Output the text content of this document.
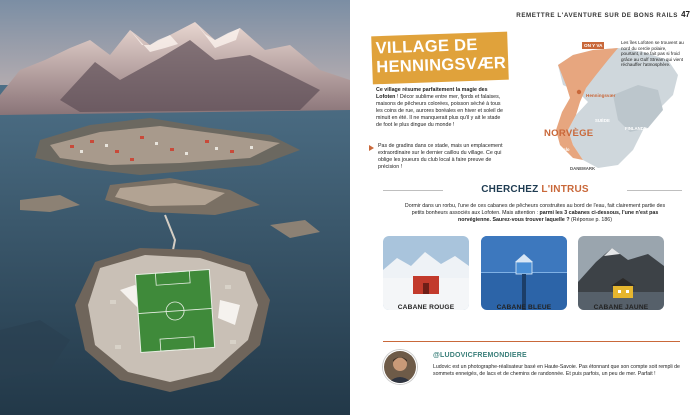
REMETTRE L'AVENTURE SUR DE BONS RAILS 47
VILLAGE DE
HENNINGSVÆR
Ce village résume parfaitement la magie des Lofoten ! Décor sublime entre mer, fjords et falaises, maisons de pêcheurs colorées, poisson séché à tous les coins de rue, aurores boréales en hiver et soleil de minuit en été. Il ne manquerait plus qu'il y ait le stade de foot le plus dingue du monde !
Pas de gradins dans ce stade, mais un emplacement extraordinaire sur le dernier caillou du village. Ce qui oblige les joueurs du club local à faire preuve de précision !
ON Y VA
Les îles Lofoten se trouvent au nord du cercle polaire, pourtant, il ne fait pas si froid grâce au Gulf Stream qui vient réchauffer l'atmosphère.
Henningsvær
NORVÈGE
SUÈDE
FINLANDE
Oslo
DANEMARK
CHERCHEZ L'INTRUS
Dormir dans un rorbu, l'une de ces cabanes de pêcheurs construites au bord de l'eau, fait clairement partie des petits bonheurs associés aux Lofoten. Mais attention : parmi les 3 cabanes ci-dessous, l'une n'est pas norvégienne. Saurez-vous trouver laquelle ? (Réponse p. 186)
CABANE ROUGE	CABANE BLEUE	CABANE JAUNE
@LUDOVICFREMONDIERE
Ludovic est un photographe-réalisateur basé en Haute-Savoie. Pas étonnant que son compte soit rempli de sommets enneigés, de lacs et de chemins de randonnée. Et puis parfois, un peu de mer. Parfait !
